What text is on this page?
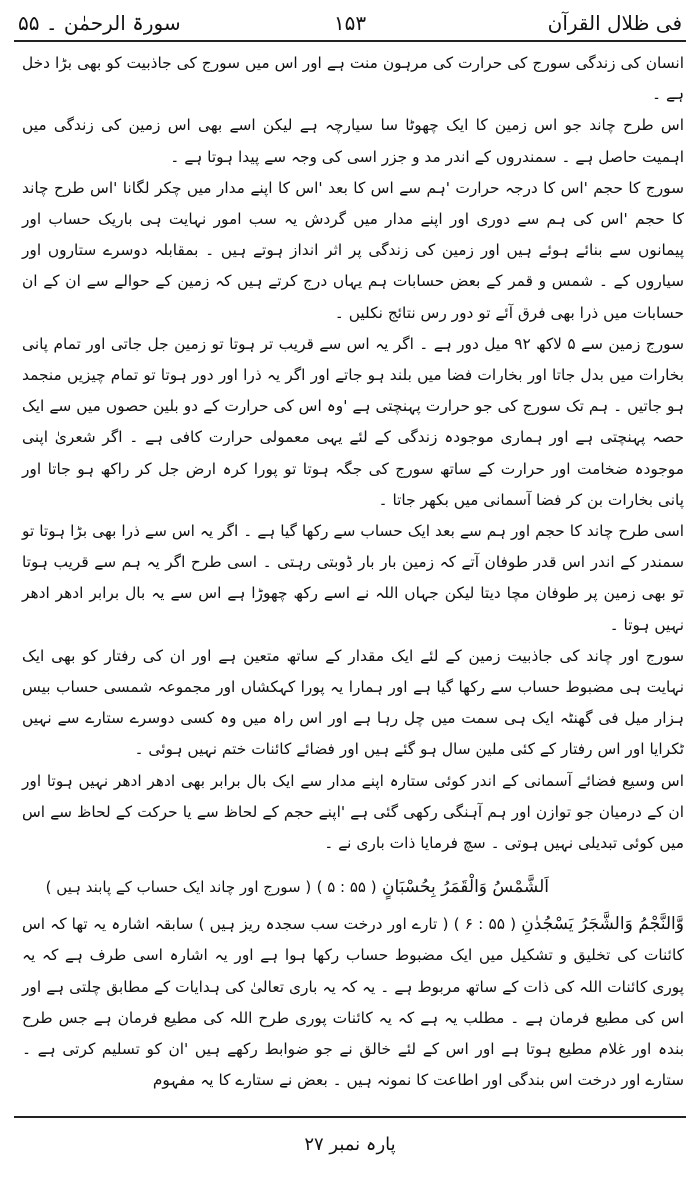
فی ظلال القرآن
۱۵۳
سورۃ الرحمٰن ۔ ۵۵

انسان کی زندگی سورج کی حرارت کی مرہون منت ہے اور اس میں سورج کی جاذبیت کو بھی بڑا دخل ہے ۔

اس طرح چاند جو اس زمین کا ایک چھوٹا سا سیارچہ ہے لیکن اسے بھی اس زمین کی زندگی میں اہمیت حاصل ہے ۔ سمندروں کے اندر مد و جزر اسی کی وجہ سے پیدا ہوتا ہے ۔

سورج کا حجم 'اس کا درجہ حرارت 'ہم سے اس کا بعد 'اس کا اپنے مدار میں چکر لگانا 'اس طرح چاند کا حجم 'اس کی ہم سے دوری اور اپنے مدار میں گردش یہ سب امور نہایت ہی باریک حساب اور پیمانوں سے بنائے ہوئے ہیں اور زمین کی زندگی پر اثر انداز ہوتے ہیں ۔ بمقابلہ دوسرے ستاروں اور سیاروں کے ۔ شمس و قمر کے بعض حسابات ہم یہاں درج کرتے ہیں کہ زمین کے حوالے سے ان کے ان حسابات میں ذرا بھی فرق آئے تو دور رس نتائج نکلیں ۔

سورج زمین سے ۵ لاکھ ۹۲ میل دور ہے ۔ اگر یہ اس سے قریب تر ہوتا تو زمین جل جاتی اور تمام پانی بخارات میں بدل جاتا اور بخارات فضا میں بلند ہو جاتے اور اگر یہ ذرا اور دور ہوتا تو تمام چیزیں منجمد ہو جاتیں ۔ ہم تک سورج کی جو حرارت پہنچتی ہے 'وہ اس کی حرارت کے دو بلین حصوں میں سے ایک حصہ پہنچتی ہے اور ہماری موجودہ زندگی کے لئے یہی معمولی حرارت کافی ہے ۔ اگر شعریٰ اپنی موجودہ ضخامت اور حرارت کے ساتھ سورج کی جگہ ہوتا تو پورا کرہ ارض جل کر راکھ ہو جاتا اور پانی بخارات بن کر فضا آسمانی میں بکھر جاتا ۔

اسی طرح چاند کا حجم اور ہم سے بعد ایک حساب سے رکھا گیا ہے ۔ اگر یہ اس سے ذرا بھی بڑا ہوتا تو سمندر کے اندر اس قدر طوفان آتے کہ زمین بار بار ڈوبتی رہتی ۔ اسی طرح اگر یہ ہم سے قریب ہوتا تو بھی زمین پر طوفان مچا دیتا لیکن جہاں اللہ نے اسے رکھ چھوڑا ہے اس سے یہ بال برابر ادھر ادھر نہیں ہوتا ۔

سورج اور چاند کی جاذبیت زمین کے لئے ایک مقدار کے ساتھ متعین ہے اور ان کی رفتار کو بھی ایک نہایت ہی مضبوط حساب سے رکھا گیا ہے اور ہمارا یہ پورا کہکشاں اور مجموعہ شمسی حساب بیس ہزار میل فی گھنٹہ ایک ہی سمت میں چل رہا ہے اور اس راہ میں وہ کسی دوسرے ستارے سے نہیں ٹکرایا اور اس رفتار کے کئی ملین سال ہو گئے ہیں اور فضائے کائنات ختم نہیں ہوئی ۔

اس وسیع فضائے آسمانی کے اندر کوئی ستارہ اپنے مدار سے ایک بال برابر بھی ادھر ادھر نہیں ہوتا اور ان کے درمیان جو توازن اور ہم آہنگی رکھی گئی ہے 'اپنے حجم کے لحاظ سے یا حرکت کے لحاظ سے اس میں کوئی تبدیلی نہیں ہوتی ۔ سچ فرمایا ذات باری نے ۔

اَلشَّمْسُ وَالْقَمَرُ بِحُسْبَانٍ ( ۵۵ : ۵ ) ( سورج اور چاند ایک حساب کے پابند ہیں )

وَّالنَّجْمُ وَالشَّجَرُ يَسْجُدٰنِ ( ۵۵ : ۶ ) ( تارے اور درخت سب سجدہ ریز ہیں ) سابقہ اشارہ یہ تھا کہ اس کائنات کی تخلیق و تشکیل میں ایک مضبوط حساب رکھا ہوا ہے اور یہ اشارہ اسی طرف ہے کہ یہ پوری کائنات اللہ کی ذات کے ساتھ مربوط ہے ۔ یہ کہ یہ باری تعالیٰ کی ہدایات کے مطابق چلتی ہے اور اس کی مطیع فرمان ہے ۔ مطلب یہ ہے کہ یہ کائنات پوری طرح اللہ کی مطیع فرمان ہے جس طرح بندہ اور غلام مطیع ہوتا ہے اور اس کے لئے خالق نے جو ضوابط رکھے ہیں 'ان کو تسلیم کرتی ہے ۔ ستارے اور درخت اس بندگی اور اطاعت کا نمونہ ہیں ۔ بعض نے ستارے کا یہ مفہوم

پارہ نمبر ۲۷
